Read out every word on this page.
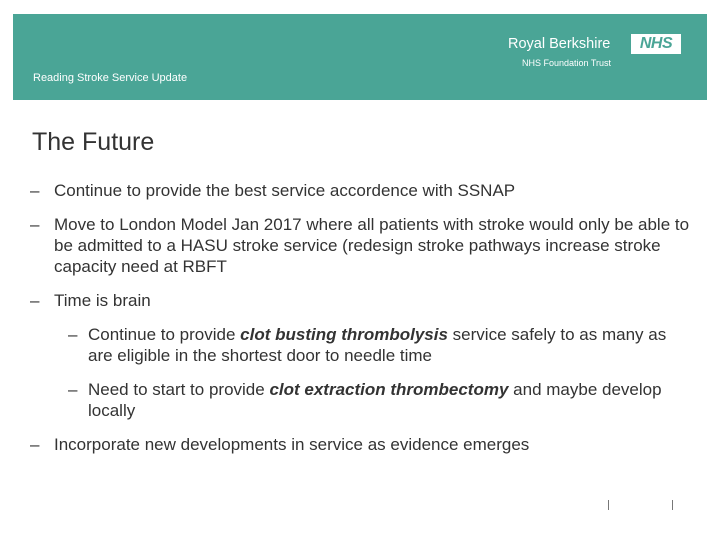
Reading Stroke Service Update
Royal Berkshire	NHS
NHS Foundation Trust
The Future
– Continue to provide the best service accordence with SSNAP
– Move to London Model Jan 2017 where all patients with stroke would only be able to be admitted to a HASU stroke service (redesign stroke pathways increase stroke capacity need at RBFT
– Time is brain
– Continue to provide clot busting thrombolysis service safely to as many as are eligible in the shortest door to needle time
– Need to start to provide clot extraction thrombectomy and maybe develop locally
– Incorporate new developments in service as evidence emerges
